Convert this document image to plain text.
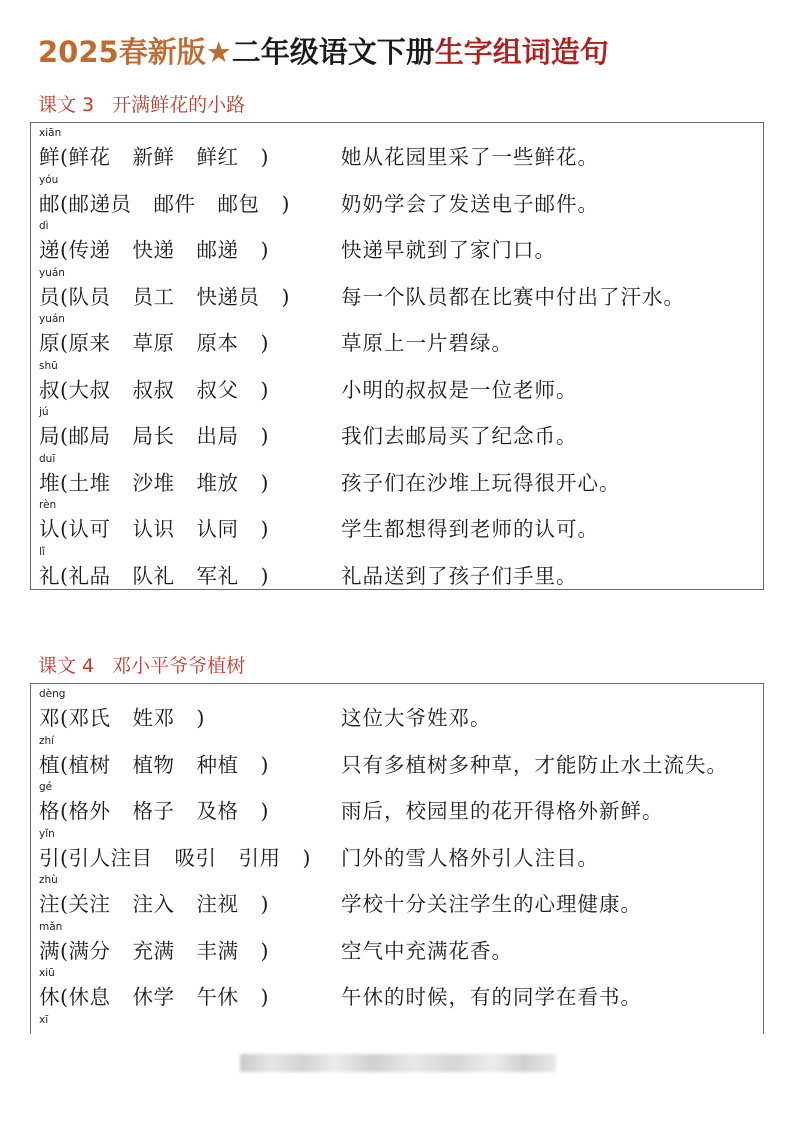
2025春新版★二年级语文下册生字组词造句
课文 3 开满鲜花的小路
xiān
鲜(鲜花 新鲜 鲜红 )	她从花园里采了一些鲜花。
yóu
邮(邮递员 邮件 邮包 ) 奶奶学会了发送电子邮件。
dì
递(传递 快递 邮递 )	快递早就到了家门口。
yuán
员(队员 员工 快递员 ) 每一个队员都在比赛中付出了汗水。
yuán
原(原来 草原 原本 )	草原上一片碧绿。
shū
叔(大叔 叔叔 叔父 )	小明的叔叔是一位老师。
jú
局(邮局 局长 出局 )	我们去邮局买了纪念币。
duī
堆(土堆 沙堆 堆放 )	孩子们在沙堆上玩得很开心。
rèn
认(认可 认识 认同 )	学生都想得到老师的认可。
lǐ
礼(礼品 队礼 军礼 )	礼品送到了孩子们手里。
课文 4 邓小平爷爷植树
dèng
邓(邓氏 姓邓 )	这位大爷姓邓。
zhí
植(植树 植物 种植 )	只有多植树多种草，才能防止水土流失。
gé
格(格外 格子 及格 )	雨后，校园里的花开得格外新鲜。
yǐn
引(引人注目 吸引 引用 ) 门外的雪人格外引人注目。
zhù
注(关注 注入 注视 )	学校十分关注学生的心理健康。
mǎn
满(满分 充满 丰满 )	空气中充满花香。
xiū
休(休息 休学 午休 )	午休的时候，有的同学在看书。
xī
